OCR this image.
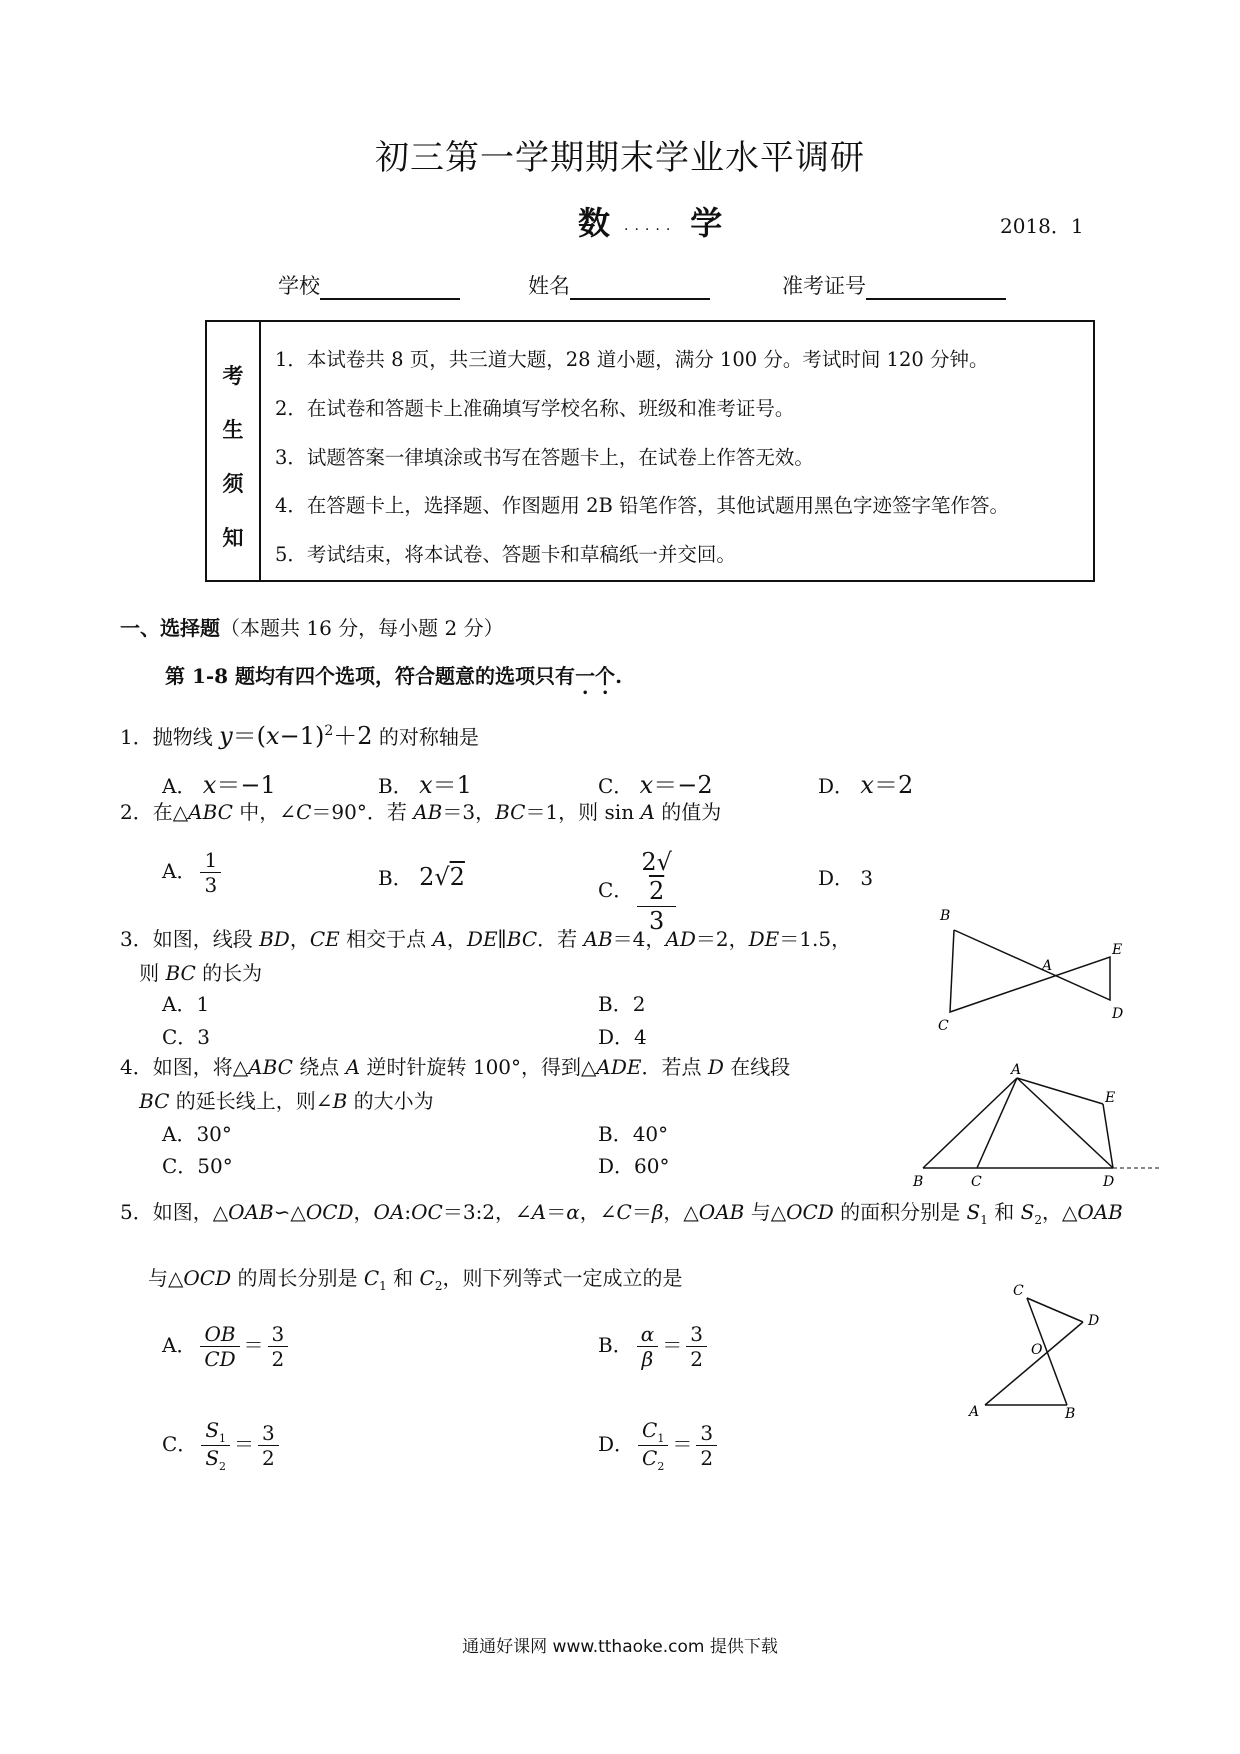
初三第一学期期末学业水平调研
数 ..... 学	2018．1
学校	姓名	准考证号
考
生
须
知
1．本试卷共 8 页，共三道大题，28 道小题，满分 100 分。考试时间 120 分钟。
2．在试卷和答题卡上准确填写学校名称、班级和准考证号。
3．试题答案一律填涂或书写在答题卡上，在试卷上作答无效。
4．在答题卡上，选择题、作图题用 2B 铅笔作答，其他试题用黑色字迹签字笔作答。
5．考试结束，将本试卷、答题卡和草稿纸一并交回。
一、选择题（本题共 16 分，每小题 2 分）
第 1-8 题均有四个选项，符合题意的选项只有一个.
1．抛物线 $y=(x-1)^2+2$ 的对称轴是
A． x＝−1	B． x＝1	C． x＝−2	D． x＝2
2．在△ABC 中，∠C＝90°．若 AB＝3，BC＝1，则 sin A 的值为
A． $\frac{1}{3}$	B． 2√2	C． 2√
2
3	D． 3
3．如图，线段 BD，CE 相交于点 A，DE∥BC．若 AB＝4，AD＝2，DE＝1.5，
则 BC 的长为
A．1	B．2
C．3	D．4
B
C
A
E
D
4．如图，将△ABC 绕点 A 逆时针旋转 100°，得到△ADE．若点 D 在线段
BC 的延长线上，则∠B 的大小为
A．30°	B．40°
C．50°	D．60°
A
E
B	C	D
5．如图，△OAB∽△OCD，OA:OC＝3:2，∠A＝α，∠C＝β，△OAB 与△OCD 的面积分别是 $S_1$ 和 $S_2$，△OAB
与△OCD 的周长分别是 $C_1$ 和 $C_2$，则下列等式一定成立的是
A． $\frac{OB}{CD} = \frac{3}{2}$	B． $\frac{\alpha}{\beta} = \frac{3}{2}$
C． $\frac{S_1}{S_2} = \frac{3}{2}$	D． $\frac{C_1}{C_2} = \frac{3}{2}$
C
D
O
A	B
通通好课网 www.tthaoke.com 提供下载
